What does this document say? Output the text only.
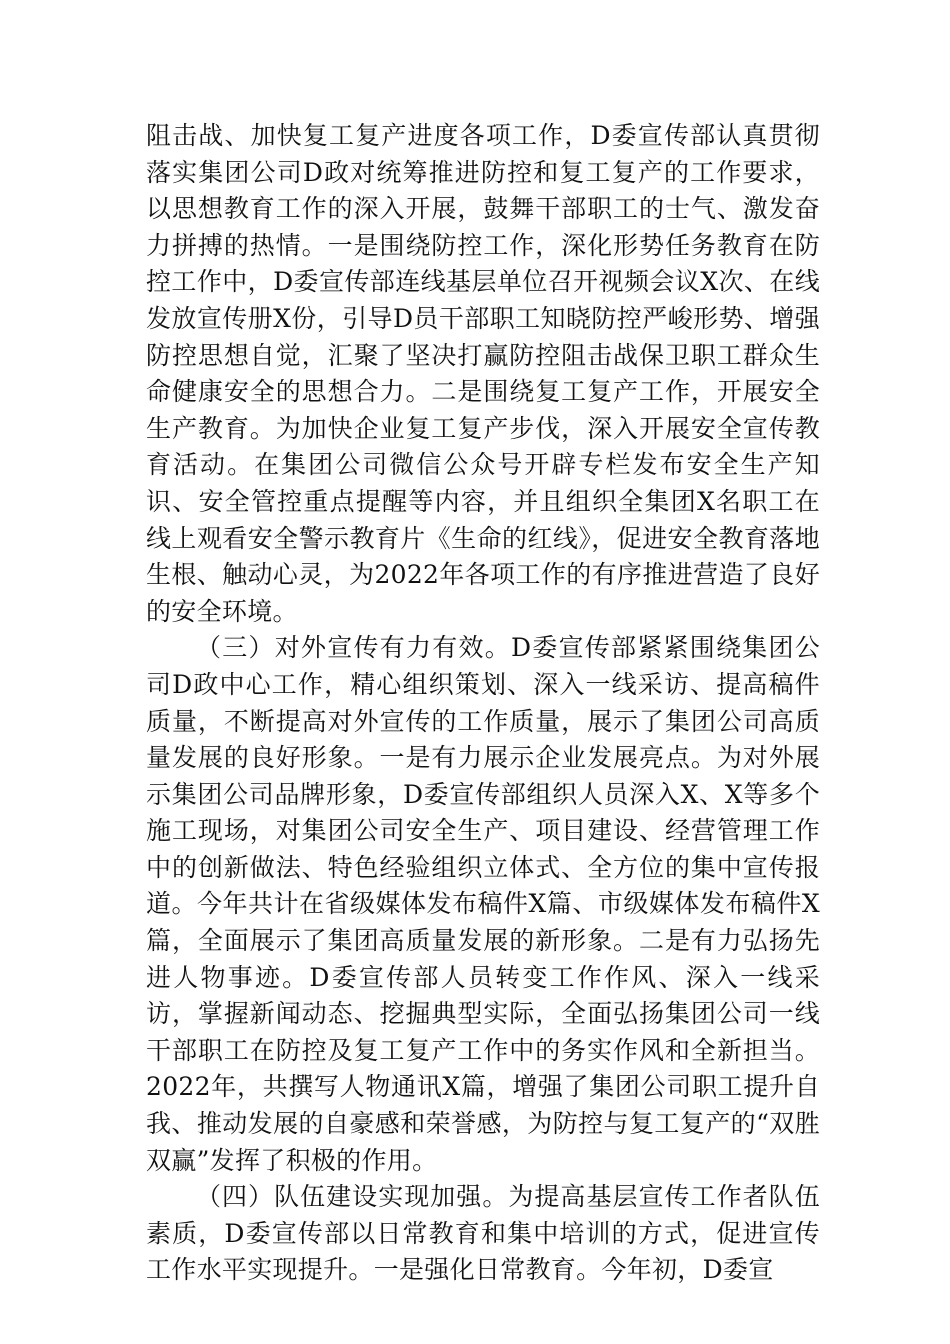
阻击战、加快复工复产进度各项工作，D委宣传部认真贯彻落实集团公司D政对统筹推进防控和复工复产的工作要求，以思想教育工作的深入开展，鼓舞干部职工的士气、激发奋力拼搏的热情。一是围绕防控工作，深化形势任务教育在防控工作中，D委宣传部连线基层单位召开视频会议X次、在线发放宣传册X份，引导D员干部职工知晓防控严峻形势、增强防控思想自觉，汇聚了坚决打赢防控阻击战保卫职工群众生命健康安全的思想合力。二是围绕复工复产工作，开展安全生产教育。为加快企业复工复产步伐，深入开展安全宣传教育活动。在集团公司微信公众号开辟专栏发布安全生产知识、安全管控重点提醒等内容，并且组织全集团X名职工在线上观看安全警示教育片《生命的红线》，促进安全教育落地生根、触动心灵，为2022年各项工作的有序推进营造了良好的安全环境。

（三）对外宣传有力有效。D委宣传部紧紧围绕集团公司D政中心工作，精心组织策划、深入一线采访、提高稿件质量，不断提高对外宣传的工作质量，展示了集团公司高质量发展的良好形象。一是有力展示企业发展亮点。为对外展示集团公司品牌形象，D委宣传部组织人员深入X、X等多个施工现场，对集团公司安全生产、项目建设、经营管理工作中的创新做法、特色经验组织立体式、全方位的集中宣传报道。今年共计在省级媒体发布稿件X篇、市级媒体发布稿件X篇，全面展示了集团高质量发展的新形象。二是有力弘扬先进人物事迹。D委宣传部人员转变工作作风、深入一线采访，掌握新闻动态、挖掘典型实际，全面弘扬集团公司一线干部职工在防控及复工复产工作中的务实作风和全新担当。2022年，共撰写人物通讯X篇，增强了集团公司职工提升自我、推动发展的自豪感和荣誉感，为防控与复工复产的“双胜双赢”发挥了积极的作用。

（四）队伍建设实现加强。为提高基层宣传工作者队伍素质，D委宣传部以日常教育和集中培训的方式，促进宣传工作水平实现提升。一是强化日常教育。今年初，D委宣
